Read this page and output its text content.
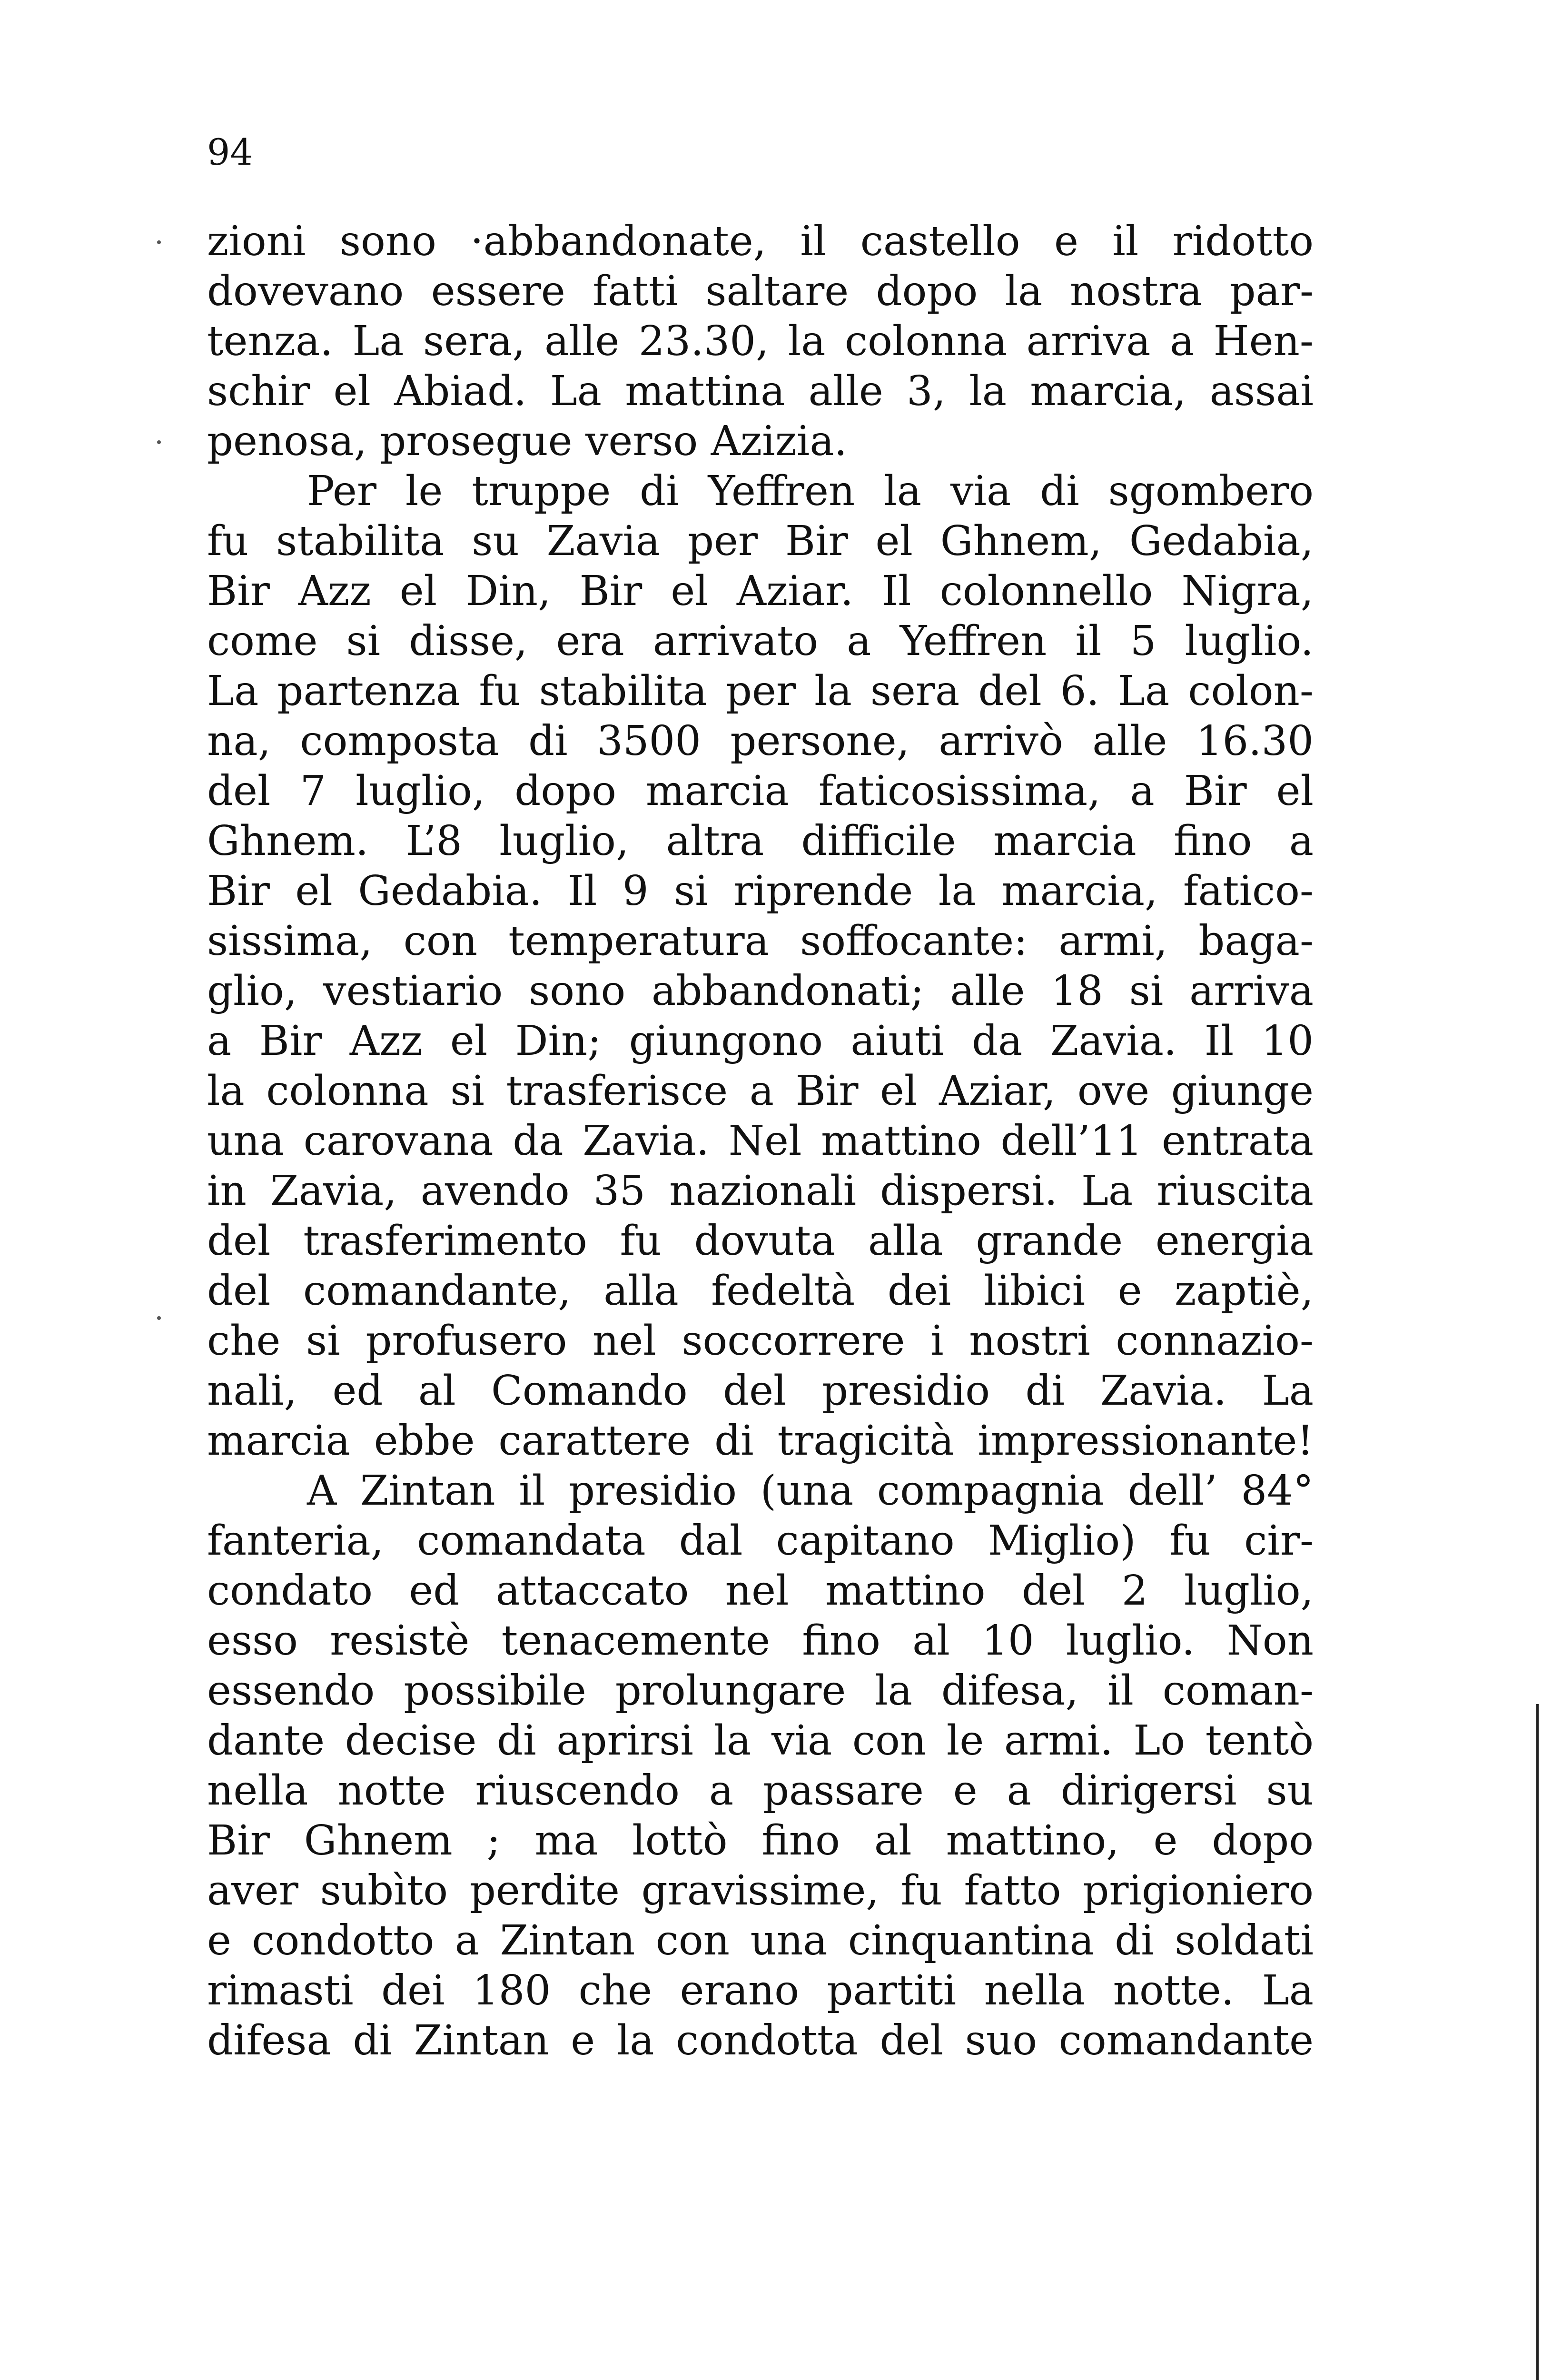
94
zioni sono ·abbandonate, il castello e il ridotto
dovevano essere fatti saltare dopo la nostra par-
tenza. La sera, alle 23.30, la colonna arriva a Hen-
schir el Abiad. La mattina alle 3, la marcia, assai
penosa, prosegue verso Azizia.
Per le truppe di Yeffren la via di sgombero
fu stabilita su Zavia per Bir el Ghnem, Gedabia,
Bir Azz el Din, Bir el Aziar. Il colonnello Nigra,
come si disse, era arrivato a Yeffren il 5 luglio.
La partenza fu stabilita per la sera del 6. La colon-
na, composta di 3500 persone, arrivò alle 16.30
del 7 luglio, dopo marcia faticosissima, a Bir el
Ghnem. L’8 luglio, altra difficile marcia fino a
Bir el Gedabia. Il 9 si riprende la marcia, fatico-
sissima, con temperatura soffocante: armi, baga-
glio, vestiario sono abbandonati; alle 18 si arriva
a Bir Azz el Din; giungono aiuti da Zavia. Il 10
la colonna si trasferisce a Bir el Aziar, ove giunge
una carovana da Zavia. Nel mattino dell’11 entrata
in Zavia, avendo 35 nazionali dispersi. La riuscita
del trasferimento fu dovuta alla grande energia
del comandante, alla fedeltà dei libici e zaptiè,
che si profusero nel soccorrere i nostri connazio-
nali, ed al Comando del presidio di Zavia. La
marcia ebbe carattere di tragicità impressionante!
A Zintan il presidio (una compagnia dell’ 84°
fanteria, comandata dal capitano Miglio) fu cir-
condato ed attaccato nel mattino del 2 luglio,
esso resistè tenacemente fino al 10 luglio. Non
essendo possibile prolungare la difesa, il coman-
dante decise di aprirsi la via con le armi. Lo tentò
nella notte riuscendo a passare e a dirigersi su
Bir Ghnem ; ma lottò fino al mattino, e dopo
aver subìto perdite gravissime, fu fatto prigioniero
e condotto a Zintan con una cinquantina di soldati
rimasti dei 180 che erano partiti nella notte. La
difesa di Zintan e la condotta del suo comandante
